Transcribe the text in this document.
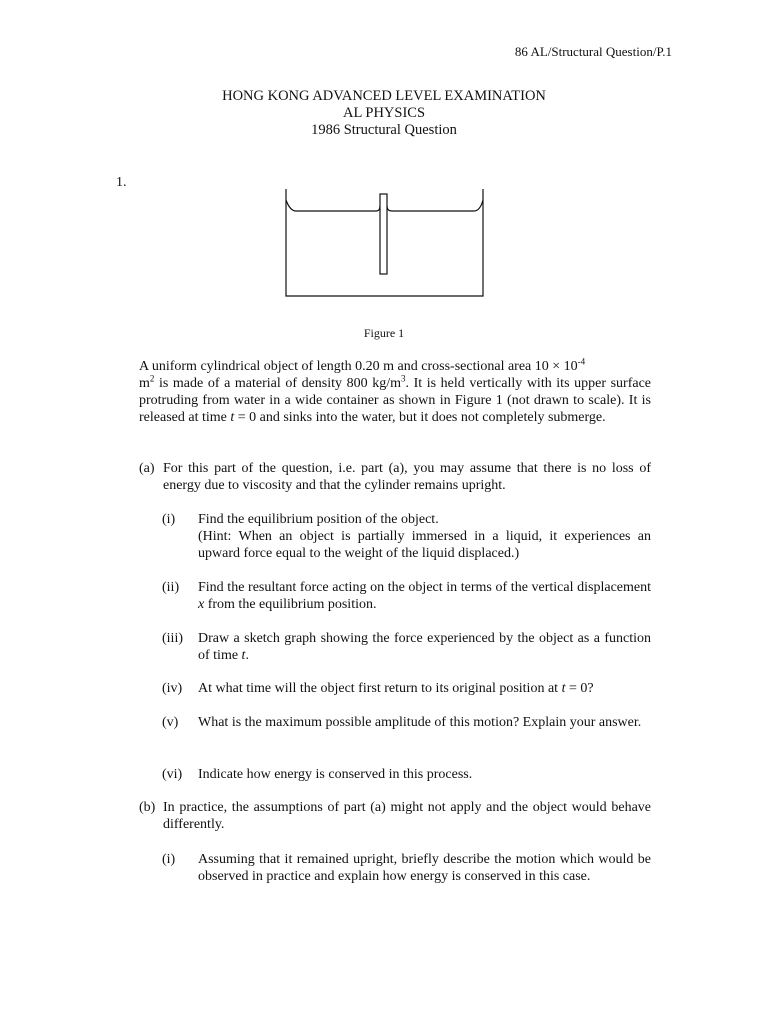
86 AL/Structural Question/P.1
HONG KONG ADVANCED LEVEL EXAMINATION
AL PHYSICS
1986 Structural Question
1.
Figure 1
A uniform cylindrical object of length 0.20 m and cross-sectional area $10 \times 10^{-4}$
$m^2$ is made of a material of density 800 $kg/m^3$. It is held vertically with its upper surface protruding from water in a wide container as shown in Figure 1 (not drawn to scale). It is released at time t = 0 and sinks into the water, but it does not completely submerge.
(a) For this part of the question, i.e. part (a), you may assume that there is no loss of energy due to viscosity and that the cylinder remains upright.
(i) Find the equilibrium position of the object.
(Hint: When an object is partially immersed in a liquid, it experiences an upward force equal to the weight of the liquid displaced.)
(ii) Find the resultant force acting on the object in terms of the vertical displacement x from the equilibrium position.
(iii) Draw a sketch graph showing the force experienced by the object as a function of time t.
(iv) At what time will the object first return to its original position at t = 0?
(v) What is the maximum possible amplitude of this motion? Explain your answer.
(vi) Indicate how energy is conserved in this process.
(b) In practice, the assumptions of part (a) might not apply and the object would behave differently.
(i) Assuming that it remained upright, briefly describe the motion which would be observed in practice and explain how energy is conserved in this case.
